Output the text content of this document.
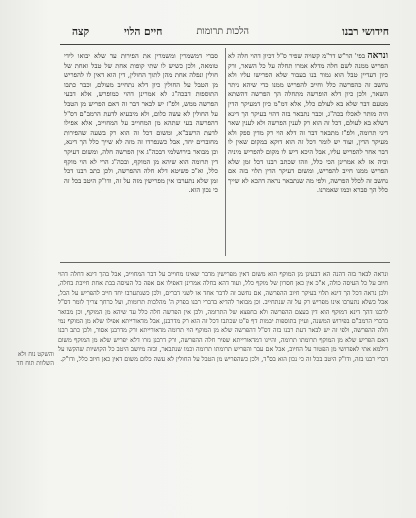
חידושי רבנו
הלכות תרומות
חיים הלוי
קצה
ונראה בפי' הר"ש דר"מ קשויה שפיר ס"ל דכיון דהוי חלה לא הפריש ממנה לשם חלה מדלא אמרו תחלה על כל השאר, ורק כיון דעדיין טבל הוא גמור בנו בעבור שלא הפרישו עליו ולא נחשב זה כהפרשה כלל וחייב להפריש ממנו כדי שיהא ניתר השאר, ולכן כיון דלא הופרשה מתחלה הך הפרשה דהשתא מטעם דבר שלא בא לעולם כלל, אלא דמ"מ כיון דמעיקר הדין היה מותר לאכלו בכה"ג, וכבר נתבאר בזה דהוי בעיקר הך דינא דשלא בא לעולם, דכל זה הוא רק לענין הפרשה ולא לענין שאר דיני תרומה, ולפ"ז מתבאר דבר זה דלא הוי רק מדין ספק ולא מעיקר הדין, ועוד יש לומר דכל זה הוא דוקא במקום שאין לו דבר אחר להפריש עליו, אבל היכא דיש לו מקום להפריש מיניה וביה אז לא אמרינן הכי כלל, וזהו שכתב רבנו דכל זמן שלא הפריש ממנו חייב להפריש, ומשום דעיקר הדין תלוי בזה אם נחשב זה לכלל הפרשה, ולפי מה שנתבאר נראה דהכא לא שייך כלל הך סברא וכמו שאמרנו.
סברי דמשמרין ומשמרין את הפירות עד שלא יבואו לידי טומאה, ולכן כשיש לו שתי קופות אחת של טבל ואחת של חולין ונפלה אחת מהן לתוך החולין, דין הוא דאין לו להפריש מן הטבל על החולין כיון דלא נתחייב מעולם, וכבר כתבו התוספות דבכה"ג לא אמרינן דהוי כמופרש, אלא דבעי הפרשה ממש, ולפ"ז יש לבאר דבר זה דאם הפריש מן הטבל על החולין לא עשה כלום, ולא מיבעיא לדעת הרמב"ם דס"ל דהפרשה בעי שתהא מן המחוייב על המחוייב, אלא אפילו לדעת הרשב"א, ומשום דכל זה הוא רק בשעה שהפירות מחוברים יחד, אבל כשנפרדו זה מזה לא שייך כלל הך דינא, וכן מבואר בירושלמי דבכה"ג אין הפרשה חלה, ומשום דעיקר דין תרומה הוא שיהא מן המוקף, ובכה"ג הרי לא הוי מוקף כלל, וא"כ פשיטא דלא חלה ההפרשה, ולכן כתב רבנו דכל זמן שלא נתערבו אין מפרישין מזה על זה, ודו"ק היטב בכל זה כי נכון הוא.
והשקט נוח ולא השלוות תוח חד
ונראה לבאר בזה דהנה הא דבעינן מן המוקף הוא משום דאין מפרישין מדבר שאינו מחוייב על דבר המחוייב, אבל בהך דינא דחלה דהוי חיוב על כל העיסה כולה, א"כ אין כאן חסרון של מוקף כלל, ועוד דהא בחלה אמרינן דאפילו אם אפה כל העיסה בבת אחת חייבת בחלה, ולכן נראה דכל הך דינא תלוי בעיקר חיוב ההפרשה, אם נחשב זה לדבר אחד או לשני דברים, ולכן כשנתערבו יחד חייב להפריש על הכל, אבל כשלא נתערבו אינו מפריש רק על זה שנתחייב. וכן מבואר להדיא בדברי רבנו בפרק ה' מהלכות תרומות, ועל כרחך צריך לומר דס"ל לרבנו דהך דינא דמוקף הוא דין בעצם ההפרשה ולא בחפצא של התרומה, ולכן אין הפרשה חלה כלל עד שיהא מן המוקף, וכן מבואר בדברי הרמב"ם בפירוש המשנה, ועיין בתוספות יבמות דף פ"ט שכתבו דכל זה הוא רק מדרבנן, אבל מדאורייתא אפילו שלא מן המוקף נמי חלה ההפרשה, ולפי זה יש לבאר דעת רבנו בזה דס"ל דהפרשה שלא מן המוקף הוי תרומה מדאורייתא ורק מדרבנן אסור, ולכן כתב רבנו דאם הפריש שלא מן המוקף תרומתו תרומה, והיינו דמדאורייתא שפיר חלה ההפרשה, ורק דרבנן גזרו דלא יפריש שלא מן המוקף משום דילמא אתי לאפרושי מן הפטור על החיוב, אבל אם עבר והפריש תרומתו תרומה וכמו שנתבאר, ובזה מיושב היטב כל הקושיות שהקשו על דברי רבנו בזה, ודו"ק היטב בכל זה כי נכון הוא בס"ד, ולכן כשהפריש מן הטבל על החולין לא עשה כלום משום דאין כאן חיוב כלל, ודו"ק.
